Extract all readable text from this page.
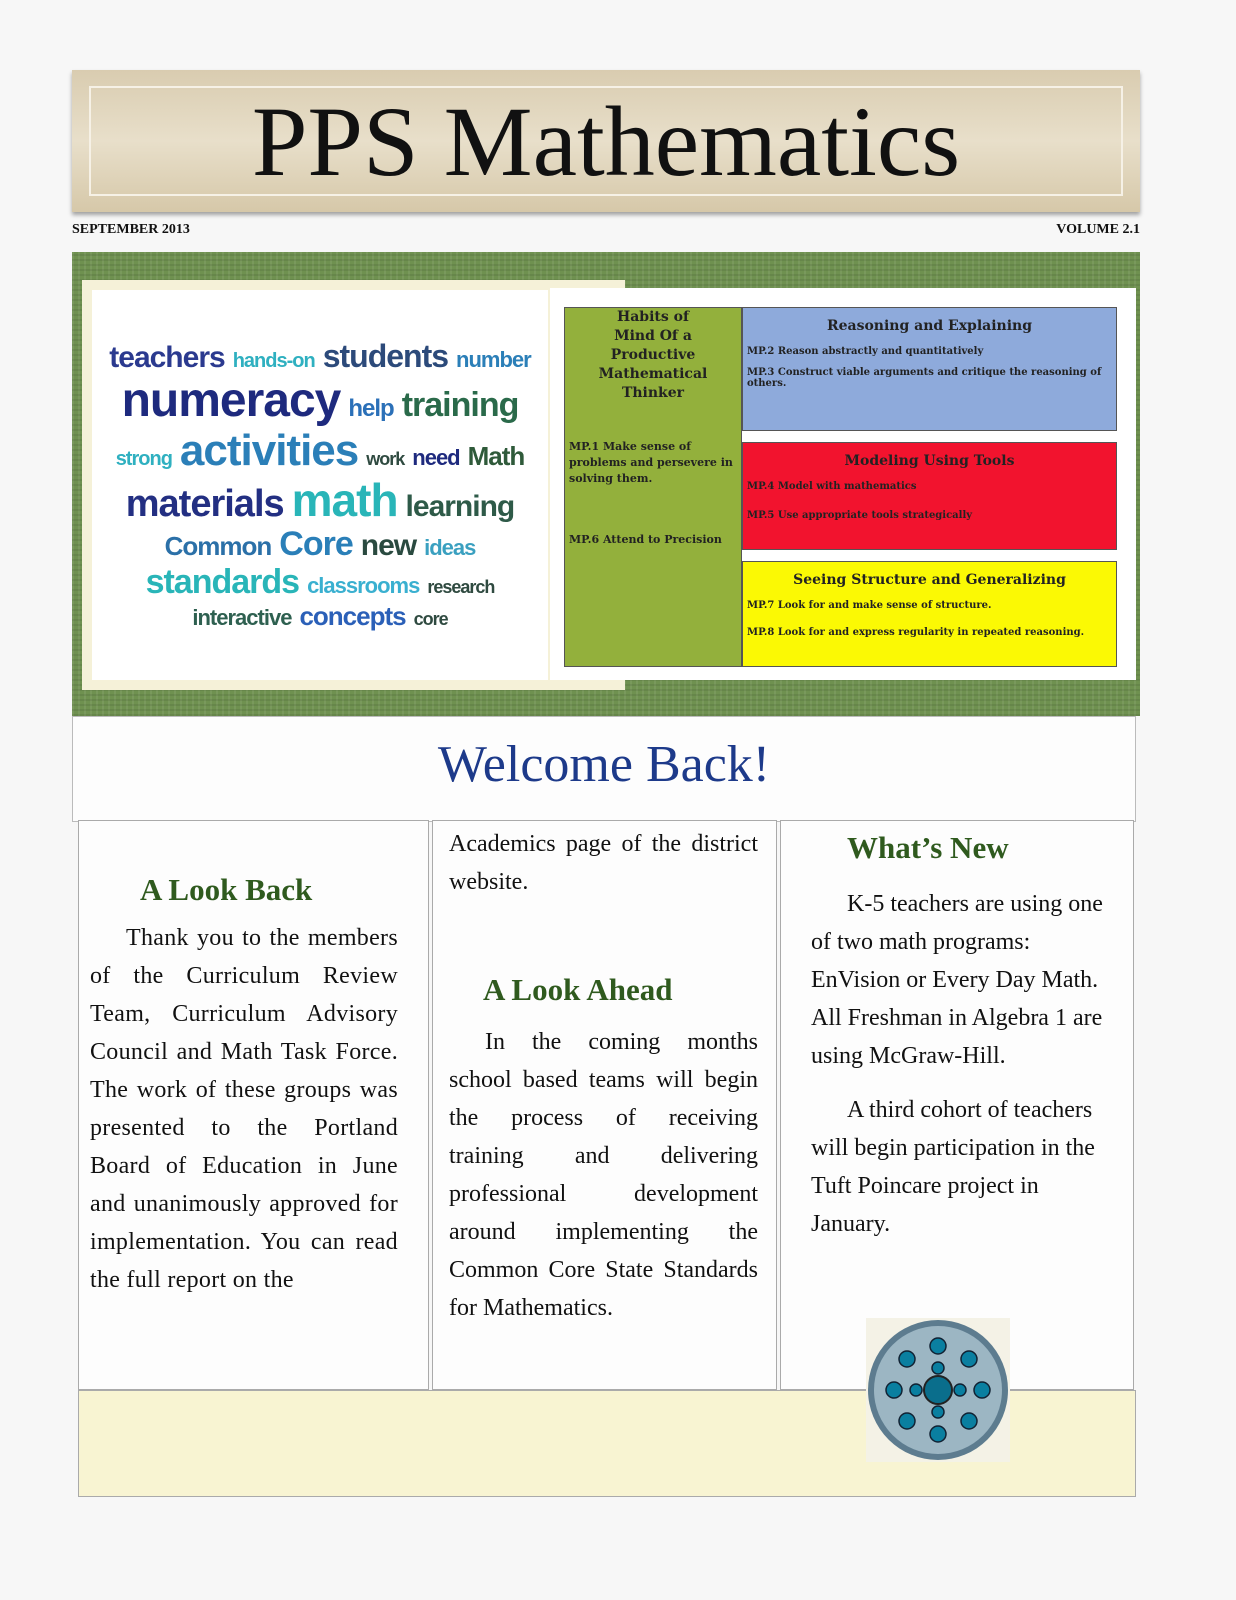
PPS Mathematics
SEPTEMBER 2013	VOLUME 2.1
teachers hands-on students number
numeracy help training
strong activities work need Math
materials math learning
Common Core new ideas
standards classrooms research
interactive concepts core
Habits of Mind Of a Productive Mathematical Thinker
MP.1 Make sense of problems and persevere in solving them.
MP.6 Attend to Precision
Reasoning and Explaining

MP.2 Reason abstractly and quantitatively

MP.3 Construct viable arguments and critique the reasoning of others.

Modeling Using Tools

MP.4 Model with mathematics

MP.5 Use appropriate tools strategically

Seeing Structure and Generalizing

MP.7 Look for and make sense of structure.

MP.8 Look for and express regularity in repeated reasoning.

Welcome Back!
A Look Back
Thank you to the members of the Curriculum Review Team, Curriculum Advisory Council and Math Task Force. The work of these groups was presented to the Portland Board of Education in June and unanimously approved for implementation. You can read the full report on the
Academics page of the district website.
A Look Ahead
In the coming months school based teams will begin the process of receiving training and delivering professional development around implementing the Common Core State Standards for Mathematics.
What’s New
K-5 teachers are using one of two math programs: EnVision or Every Day Math. All Freshman in Algebra 1 are using McGraw-Hill.
A third cohort of teachers will begin participation in the Tuft Poincare project in January.
